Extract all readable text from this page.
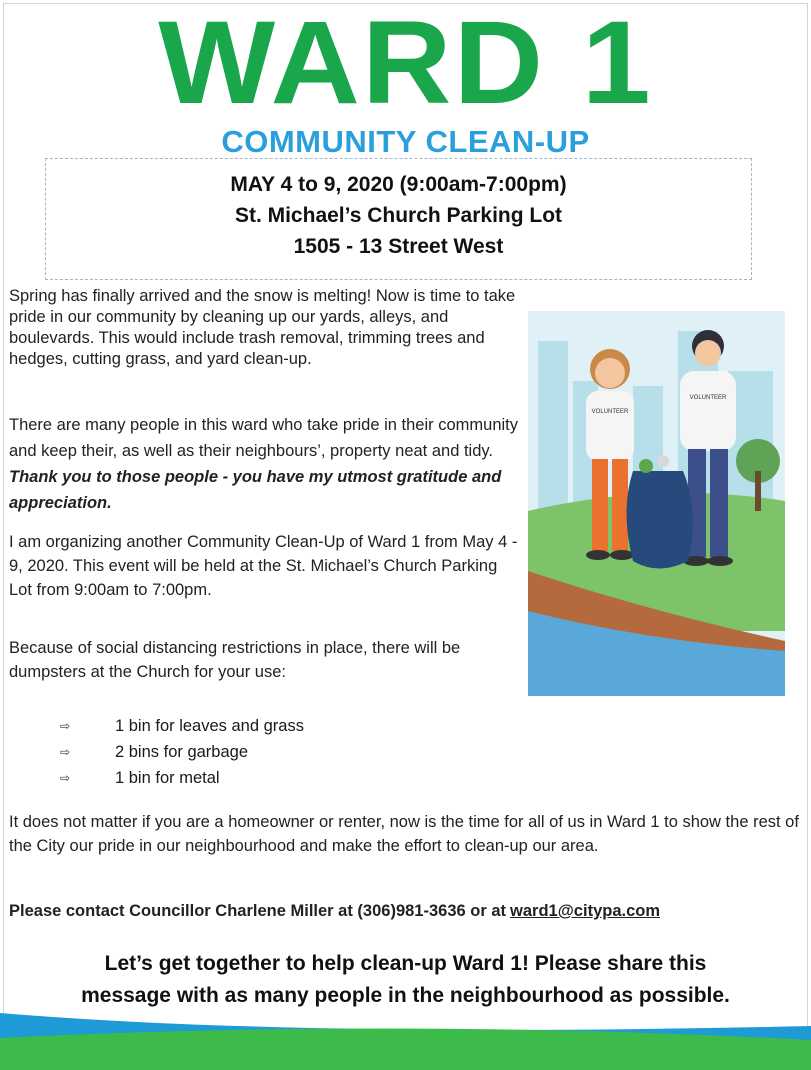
WARD 1
COMMUNITY CLEAN-UP
MAY 4 to 9, 2020 (9:00am-7:00pm)
St. Michael’s Church Parking Lot
1505 - 13 Street West
Spring has finally arrived and the snow is melting! Now is time to take pride in our community by cleaning up our yards, alleys, and boulevards. This would include trash removal, trimming trees and hedges, cutting grass, and yard clean-up.
There are many people in this ward who take pride in their community and keep their, as well as their neighbours’, property neat and tidy. Thank you to those people - you have my utmost gratitude and appreciation.
I am organizing another Community Clean-Up of Ward 1 from May 4 - 9, 2020. This event will be held at the St. Michael’s Church Parking Lot from 9:00am to 7:00pm.
Because of social distancing restrictions in place, there will be dumpsters at the Church for your use:
⇨	1 bin for leaves and grass
⇨	2 bins for garbage
⇨	1 bin for metal
It does not matter if you are a homeowner or renter, now is the time for all of us in Ward 1 to show the rest of the City our pride in our neighbourhood and make the effort to clean-up our area.
Please contact Councillor Charlene Miller at (306)981-3636 or at ward1@citypa.com
Let’s get together to help clean-up Ward 1! Please share this
message with as many people in the neighbourhood as possible.
VOLUNTEER
VOLUNTEER
